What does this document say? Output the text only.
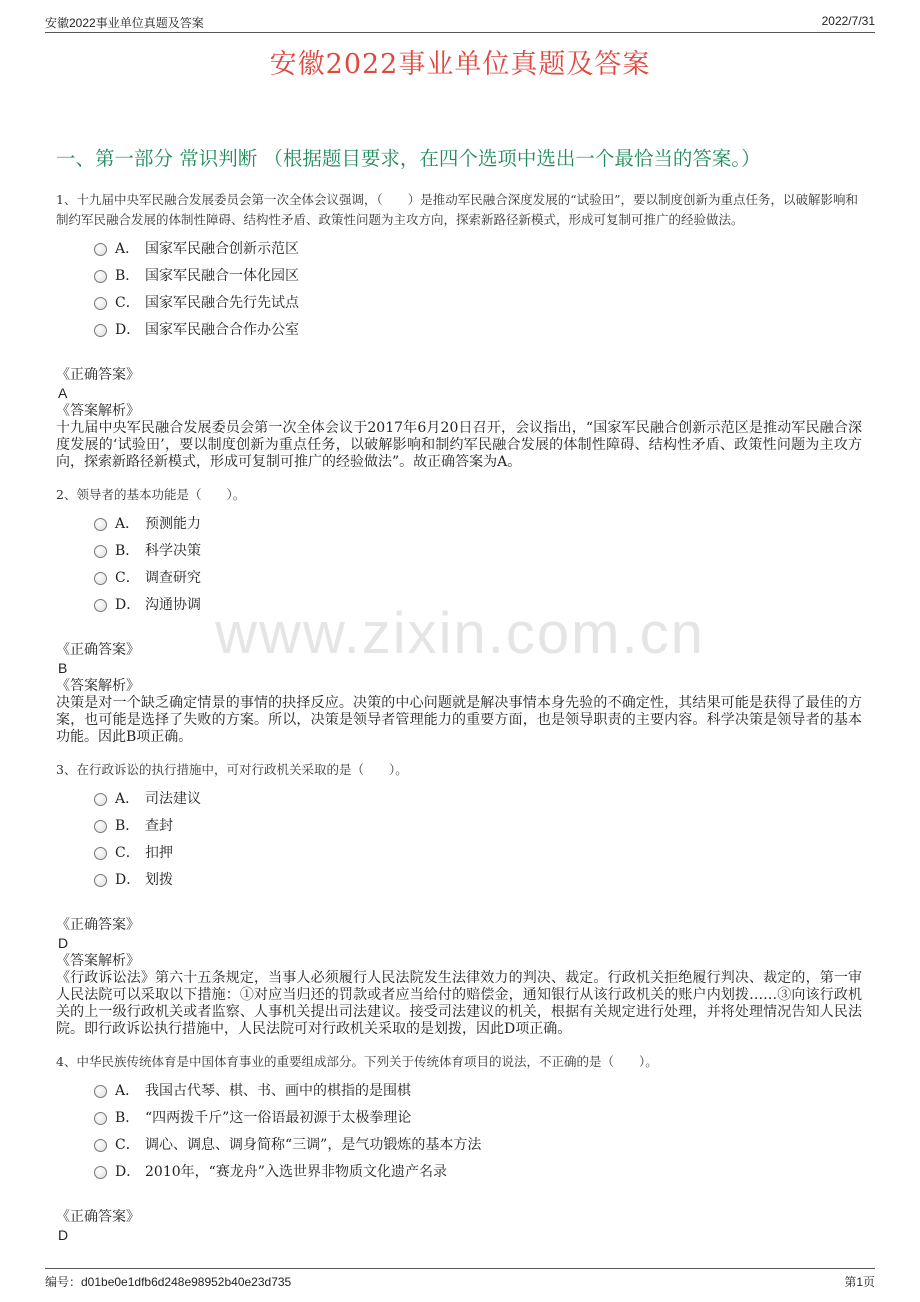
安徽2022事业单位真题及答案	2022/7/31
安徽2022事业单位真题及答案
一、第一部分 常识判断 （根据题目要求，在四个选项中选出一个最恰当的答案。）
www.zixin.com.cn

1、十九届中央军民融合发展委员会第一次全体会议强调，（　　）是推动军民融合深度发展的“试验田”，要以制度创新为重点任务，以破解影响和制约军民融合发展的体制性障碍、结构性矛盾、政策性问题为主攻方向，探索新路径新模式，形成可复制可推广的经验做法。

A． 国家军民融合创新示范区
B． 国家军民融合一体化园区
C． 国家军民融合先行先试点
D． 国家军民融合合作办公室
《正确答案》
A
《答案解析》

十九届中央军民融合发展委员会第一次全体会议于2017年6月20日召开，会议指出，“国家军民融合创新示范区是推动军民融合深度发展的‘试验田’，要以制度创新为重点任务，以破解影响和制约军民融合发展的体制性障碍、结构性矛盾、政策性问题为主攻方向，探索新路径新模式，形成可复制可推广的经验做法”。故正确答案为A。

2、领导者的基本功能是（　　）。

A． 预测能力
B． 科学决策
C． 调查研究
D． 沟通协调
《正确答案》
B
《答案解析》

决策是对一个缺乏确定情景的事情的抉择反应。决策的中心问题就是解决事情本身先验的不确定性，其结果可能是获得了最佳的方案，也可能是选择了失败的方案。所以，决策是领导者管理能力的重要方面，也是领导职责的主要内容。科学决策是领导者的基本功能。因此B项正确。

3、在行政诉讼的执行措施中，可对行政机关采取的是（　　）。

A． 司法建议
B． 查封
C． 扣押
D． 划拨
《正确答案》
D
《答案解析》

《行政诉讼法》第六十五条规定，当事人必须履行人民法院发生法律效力的判决、裁定。行政机关拒绝履行判决、裁定的，第一审人民法院可以采取以下措施：①对应当归还的罚款或者应当给付的赔偿金，通知银行从该行政机关的账户内划拨……③向该行政机关的上一级行政机关或者监察、人事机关提出司法建议。接受司法建议的机关，根据有关规定进行处理，并将处理情况告知人民法院。即行政诉讼执行措施中，人民法院可对行政机关采取的是划拨，因此D项正确。

4、中华民族传统体育是中国体育事业的重要组成部分。下列关于传统体育项目的说法，不正确的是（　　）。

A． 我国古代琴、棋、书、画中的棋指的是围棋
B． “四两拨千斤”这一俗语最初源于太极拳理论
C． 调心、调息、调身简称“三调”，是气功锻炼的基本方法
D． 2010年，“赛龙舟”入选世界非物质文化遗产名录
《正确答案》
D
编号：d01be0e1dfb6d248e98952b40e23d735	第1页
